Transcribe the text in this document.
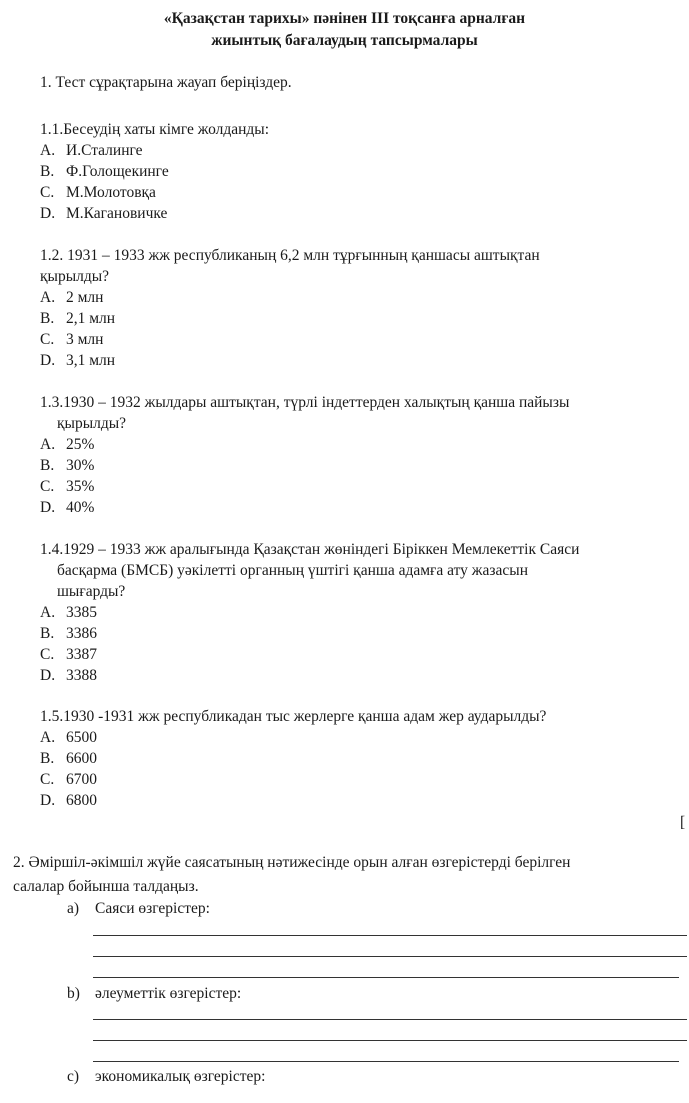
«Қазақстан тарихы» пәнінен ІІІ тоқсанға арналған
жиынтық бағалаудың тапсырмалары
1. Тест сұрақтарына жауап беріңіздер.
1.1.Бесеудің хаты кімге жолданды:
A. И.Сталинге
B. Ф.Голощекинге
C. М.Молотовқа
D. М.Кагановичке
1.2. 1931 – 1933 жж республиканың 6,2 млн тұрғынның қаншасы аштықтан
қырылды?
A. 2 млн
B. 2,1 млн
C. 3 млн
D. 3,1 млн
1.3.1930 – 1932 жылдары аштықтан, түрлі індеттерден халықтың қанша пайызы
қырылды?
A. 25%
B. 30%
C. 35%
D. 40%
1.4.1929 – 1933 жж аралығында Қазақстан жөніндегі Біріккен Мемлекеттік Саяси
басқарма (БМСБ) уәкілетті органның үштігі қанша адамға ату жазасын
шығарды?
A. 3385
B. 3386
C. 3387
D. 3388
1.5.1930 -1931 жж республикадан тыс жерлерге қанша адам жер аударылды?
A. 6500
B. 6600
C. 6700
D. 6800
[
2. Әміршіл-әкімшіл жүйе саясатының нәтижесінде орын алған өзгерістерді берілген
салалар бойынша талдаңыз.
a) Саяси өзгерістер:
b) әлеуметтік өзгерістер:
c) экономикалық өзгерістер:
